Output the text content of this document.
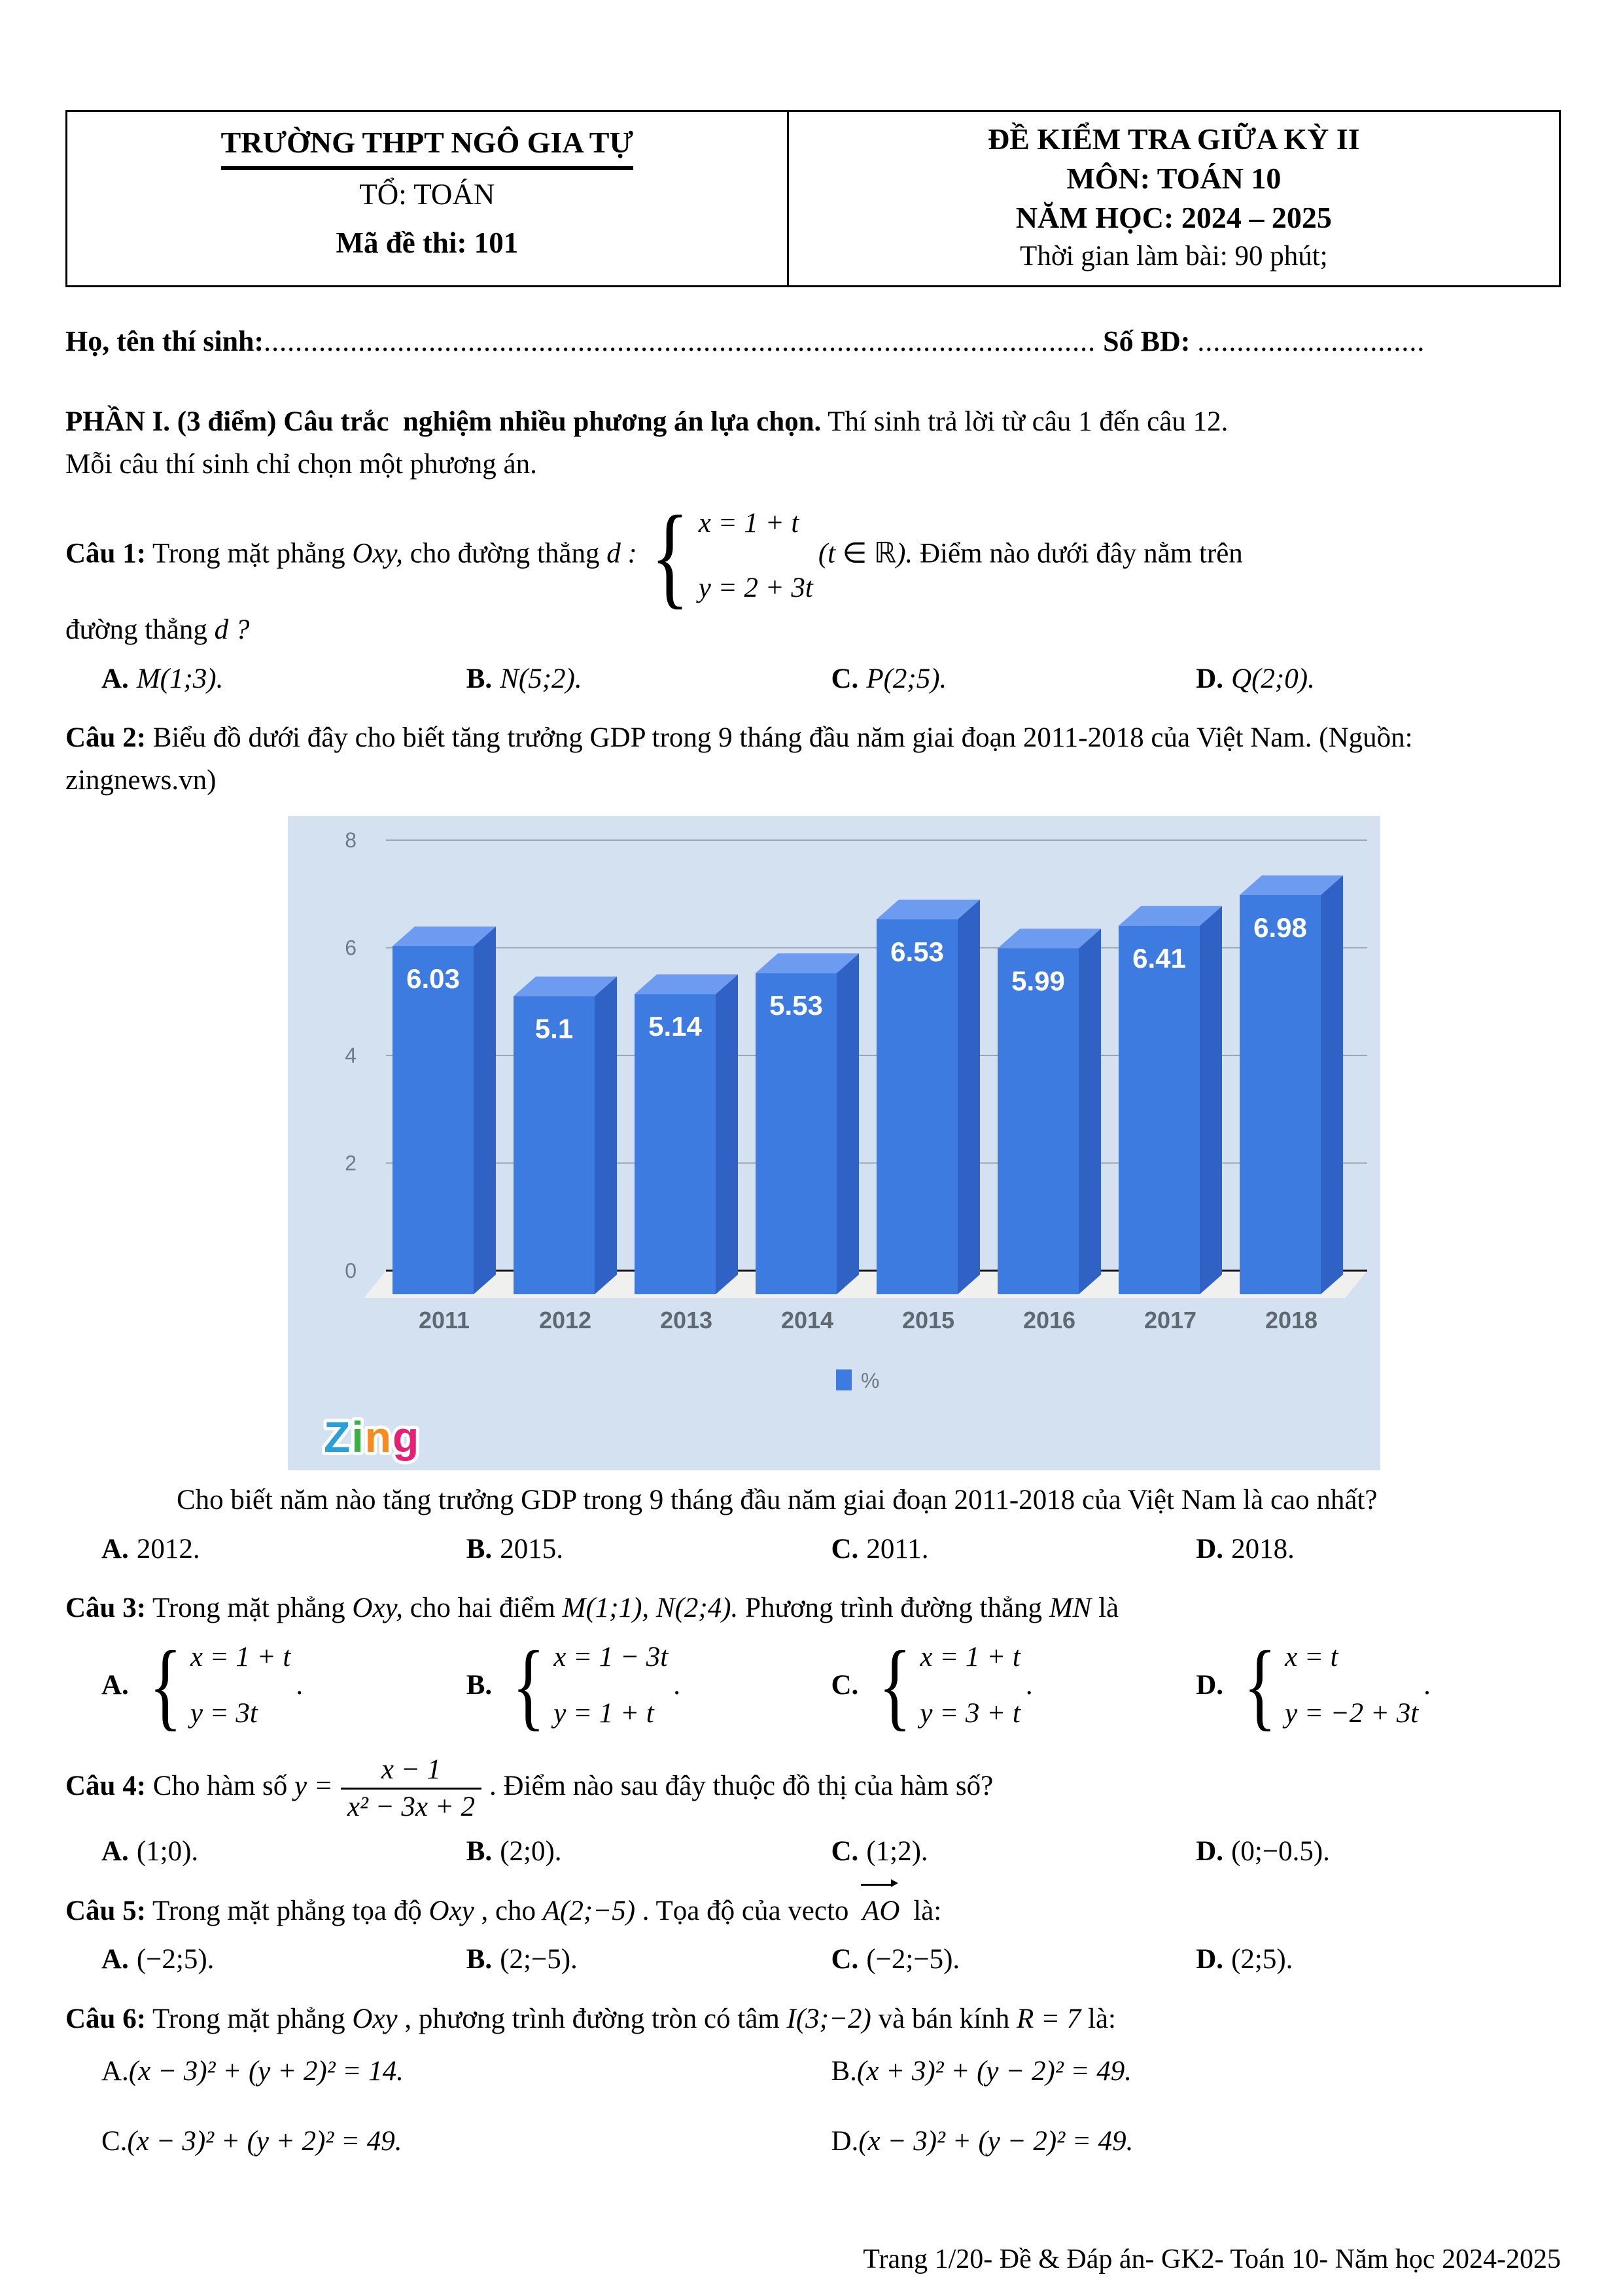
TRƯỜNG THPT NGÔ GIA TỰ
TỔ: TOÁN
Mã đề thi: 101

ĐỀ KIỂM TRA GIỮA KỲ II
MÔN: TOÁN 10
NĂM HỌC: 2024 – 2025
Thời gian làm bài: 90 phút;
Họ, tên thí sinh:.......................................................................................................... Số BD: .............................

PHẦN I. (3 điểm) Câu trắc  nghiệm nhiều phương án lựa chọn. Thí sinh trả lời từ câu 1 đến câu 12.

Mỗi câu thí sinh chỉ chọn một phương án.

Câu 1: Trong mặt phẳng Oxy, cho đường thẳng d :
{
x = 1 + t
y = 2 + 3t
(t ∈ ℝ). Điểm nào dưới đây nằm trên

đường thẳng d ?

A. M(1;3).	B. N(5;2).	C. P(2;5).	D. Q(2;0).

Câu 2: Biểu đồ dưới đây cho biết tăng trưởng GDP trong 9 tháng đầu năm giai đoạn 2011-2018 của Việt Nam. (Nguồn: zingnews.vn)

0
2
4
6
8
6.03
2011
5.1
2012
5.14
2013
5.53
2014
6.53
2015
5.99
2016
6.41
2017
6.98
2018
%
Zing

Cho biết năm nào tăng trưởng GDP trong 9 tháng đầu năm giai đoạn 2011-2018 của Việt Nam là cao nhất?

A. 2012.	B. 2015.	C. 2011.	D. 2018.

Câu 3: Trong mặt phẳng Oxy, cho hai điểm M(1;1), N(2;4). Phương trình đường thẳng MN là

A.
{
x = 1 + t
y = 3t
.	B.
{
x = 1 − 3t
y = 1 + t
.	C.
{
x = 1 + t
y = 3 + t
.	D.
{
x = t
y = −2 + 3t
.

Câu 4: Cho hàm số $y = \frac{x - 1}{\text{x² − 3x + 2}}$ . Điểm nào sau đây thuộc đồ thị của hàm số?

A. (1;0).	B. (2;0).	C. (1;2).	D. (0;−0.5).

Câu 5: Trong mặt phẳng tọa độ Oxy , cho A(2;−5) . Tọa độ của vecto AO là:

A. (−2;5).	B. (2;−5).	C. (−2;−5).	D. (2;5).

Câu 6: Trong mặt phẳng Oxy , phương trình đường tròn có tâm I(3;−2) và bán kính R = 7 là:

A.(x − 3)² + (y + 2)² = 14.	B.(x + 3)² + (y − 2)² = 49.
C.(x − 3)² + (y + 2)² = 49.	D.(x − 3)² + (y − 2)² = 49.
Trang 1/20- Đề & Đáp án- GK2- Toán 10- Năm học 2024-2025
